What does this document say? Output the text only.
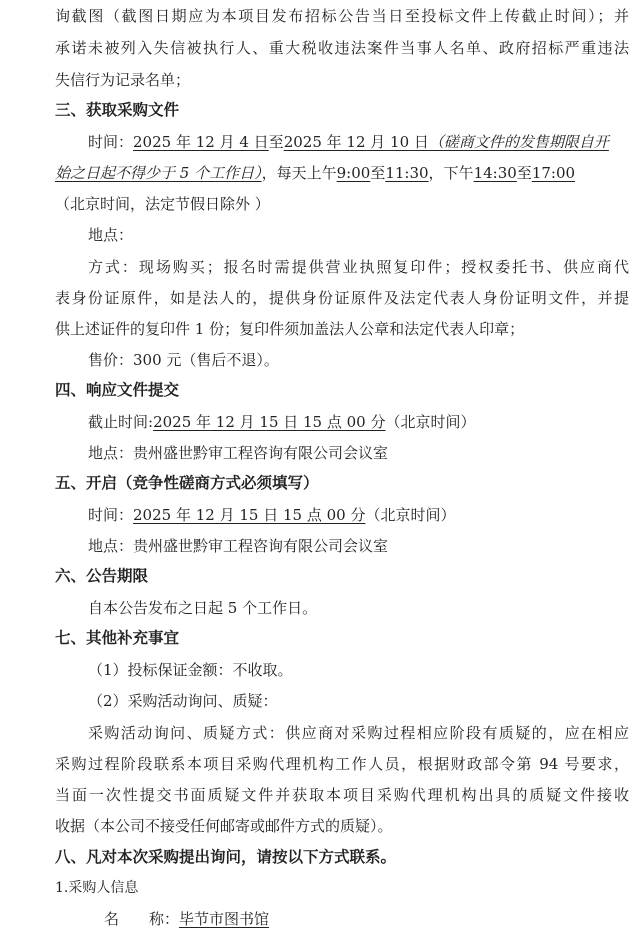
询截图（截图日期应为本项目发布招标公告当日至投标文件上传截止时间）；并
承诺未被列入失信被执行人、重大税收违法案件当事人名单、政府招标严重违法
失信行为记录名单；
三、获取采购文件
时间：2025 年 12 月 4 日至2025 年 12 月 10 日（磋商文件的发售期限自开
始之日起不得少于 5 个工作日），每天上午9:00至11:30，下午14:30至17:00
（北京时间，法定节假日除外 ）
地点：
方式：现场购买；报名时需提供营业执照复印件；授权委托书、供应商代
表身份证原件，如是法人的，提供身份证原件及法定代表人身份证明文件，并提
供上述证件的复印件 1 份；复印件须加盖法人公章和法定代表人印章；
售价：300 元（售后不退）。
四、响应文件提交
截止时间:2025 年 12 月 15 日 15 点 00 分（北京时间）
地点：贵州盛世黔审工程咨询有限公司会议室
五、开启（竞争性磋商方式必须填写）
时间：2025 年 12 月 15 日 15 点 00 分（北京时间）
地点：贵州盛世黔审工程咨询有限公司会议室
六、公告期限
自本公告发布之日起 5 个工作日。
七、其他补充事宜
（1）投标保证金额：不收取。
（2）采购活动询问、质疑：
采购活动询问、质疑方式：供应商对采购过程相应阶段有质疑的，应在相应
采购过程阶段联系本项目采购代理机构工作人员，根据财政部令第 94 号要求，
当面一次性提交书面质疑文件并获取本项目采购代理机构出具的质疑文件接收
收据（本公司不接受任何邮寄或邮件方式的质疑）。
八、凡对本次采购提出询问，请按以下方式联系。
1.采购人信息
名 称：毕节市图书馆
